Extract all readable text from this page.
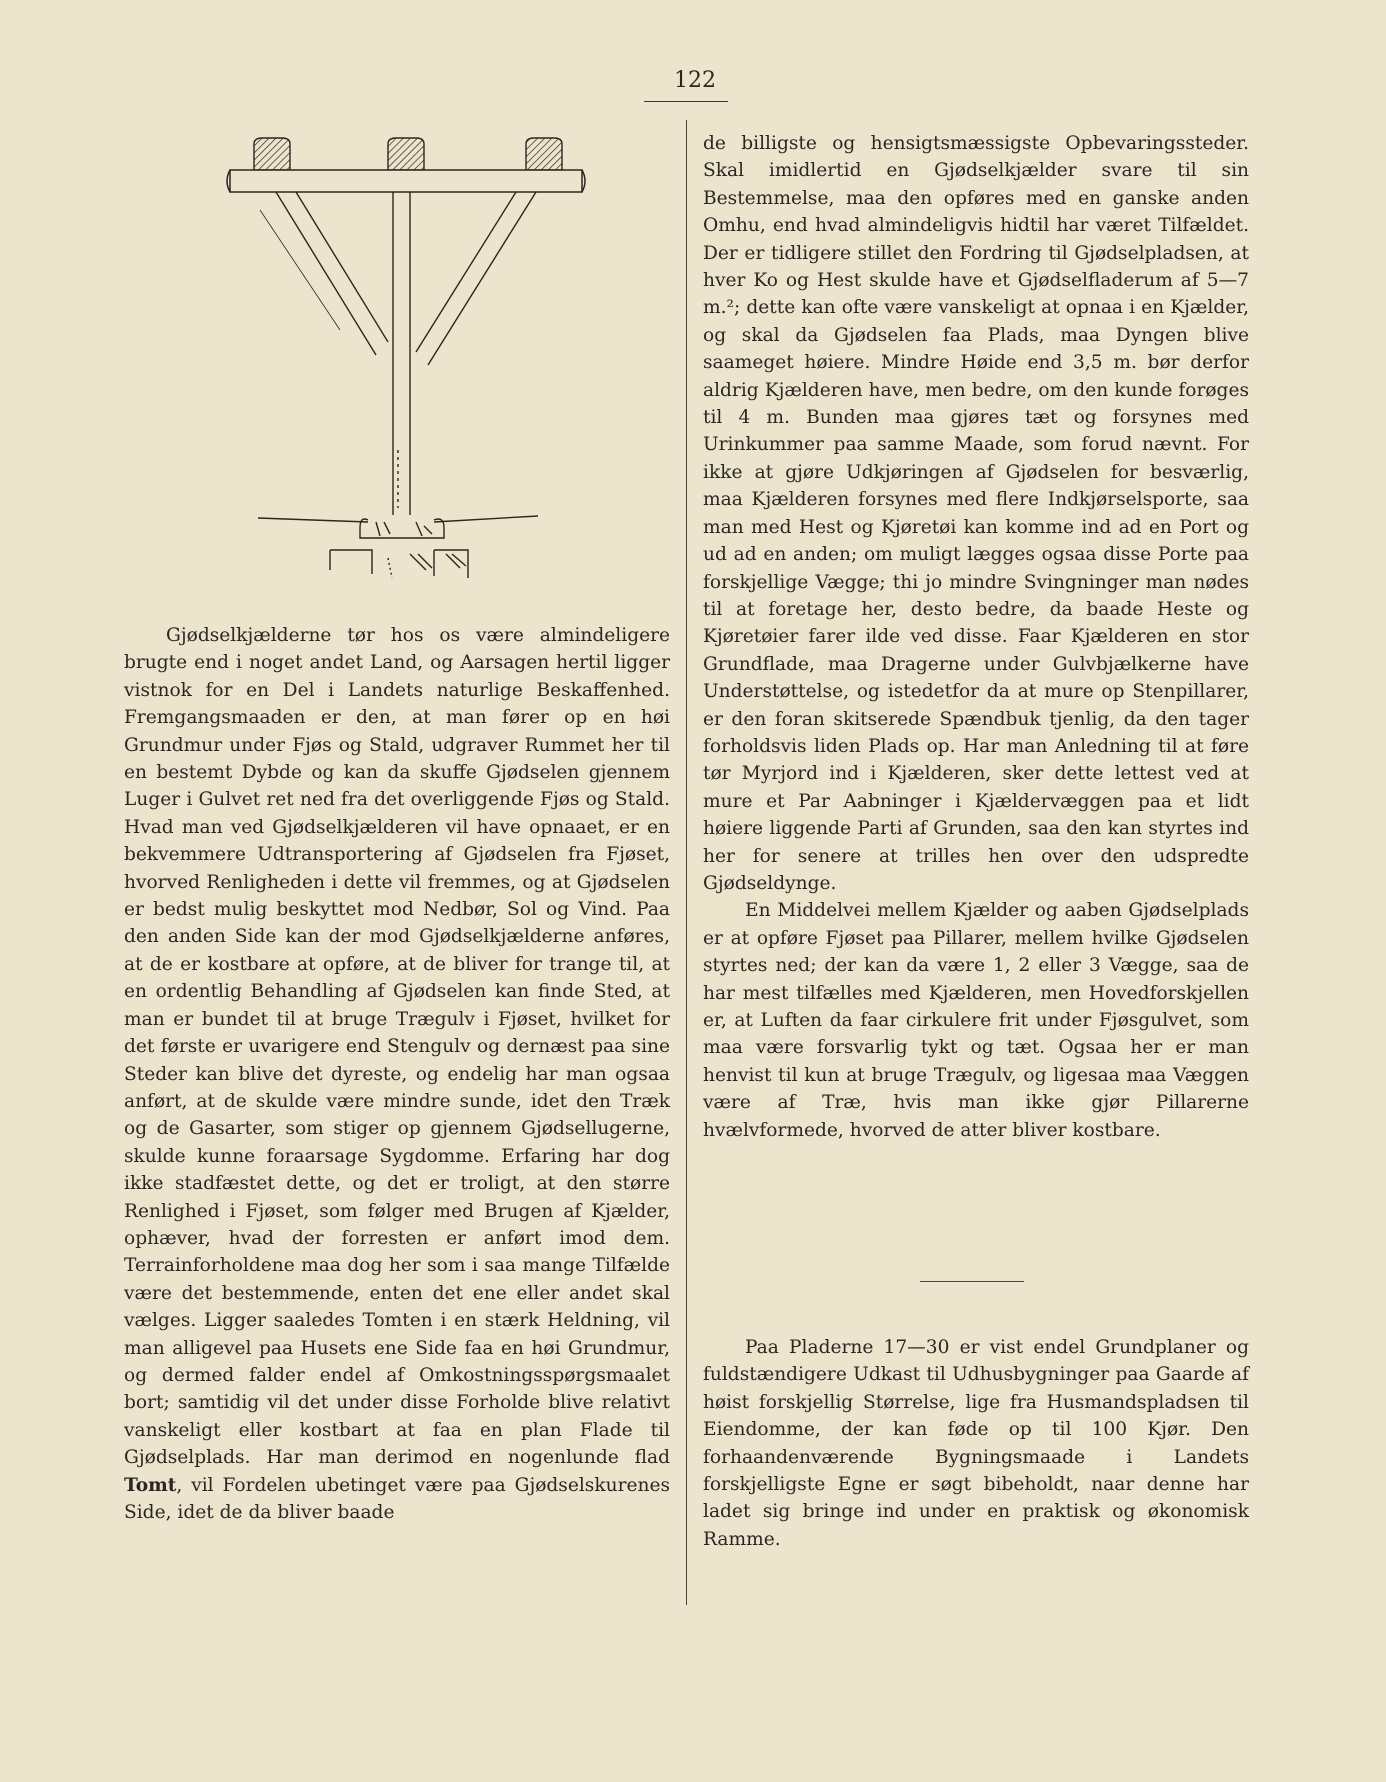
122

Gjødselkjælderne tør hos os være almindeligere brugte end i noget andet Land, og Aarsagen hertil ligger vistnok for en Del i Landets naturlige Beskaffenhed. Fremgangsmaaden er den, at man fører op en høi Grundmur under Fjøs og Stald, udgraver Rummet her til en bestemt Dybde og kan da skuffe Gjødselen gjennem Luger i Gulvet ret ned fra det overliggende Fjøs og Stald. Hvad man ved Gjødselkjælderen vil have opnaaet, er en bekvemmere Udtransportering af Gjødselen fra Fjøset, hvorved Renligheden i dette vil fremmes, og at Gjødselen er bedst mulig beskyttet mod Nedbør, Sol og Vind. Paa den anden Side kan der mod Gjødselkjælderne anføres, at de er kostbare at opføre, at de bliver for trange til, at en ordentlig Behandling af Gjødselen kan finde Sted, at man er bundet til at bruge Trægulv i Fjøset, hvilket for det første er uvarigere end Stengulv og dernæst paa sine Steder kan blive det dyreste, og endelig har man ogsaa anført, at de skulde være mindre sunde, idet den Træk og de Gasarter, som stiger op gjennem Gjødsellugerne, skulde kunne foraarsage Sygdomme. Erfaring har dog ikke stadfæstet dette, og det er troligt, at den større Renlighed i Fjøset, som følger med Brugen af Kjælder, ophæver, hvad der forresten er anført imod dem. Terrainforholdene maa dog her som i saa mange Tilfælde være det bestemmende, enten det ene eller andet skal vælges. Ligger saaledes Tomten i en stærk Heldning, vil man alligevel paa Husets ene Side faa en høi Grundmur, og dermed falder endel af Omkostningsspørgsmaalet bort; samtidig vil det under disse Forholde blive relativt vanskeligt eller kostbart at faa en plan Flade til Gjødselplads. Har man derimod en nogenlunde flad Tomt, vil Fordelen ubetinget være paa Gjødselskurenes Side, idet de da bliver baade

de billigste og hensigtsmæssigste Opbevaringssteder. Skal imidlertid en Gjødselkjælder svare til sin Bestemmelse, maa den opføres med en ganske anden Omhu, end hvad almindeligvis hidtil har været Tilfældet. Der er tidligere stillet den Fordring til Gjødselpladsen, at hver Ko og Hest skulde have et Gjødselfladerum af 5—7 m.²; dette kan ofte være vanskeligt at opnaa i en Kjælder, og skal da Gjødselen faa Plads, maa Dyngen blive saameget høiere. Mindre Høide end 3,5 m. bør derfor aldrig Kjælderen have, men bedre, om den kunde forøges til 4 m. Bunden maa gjøres tæt og forsynes med Urinkummer paa samme Maade, som forud nævnt. For ikke at gjøre Udkjøringen af Gjødselen for besværlig, maa Kjælderen forsynes med flere Indkjørselsporte, saa man med Hest og Kjøretøi kan komme ind ad en Port og ud ad en anden; om muligt lægges ogsaa disse Porte paa forskjellige Vægge; thi jo mindre Svingninger man nødes til at foretage her, desto bedre, da baade Heste og Kjøretøier farer ilde ved disse. Faar Kjælderen en stor Grundflade, maa Dragerne under Gulvbjælkerne have Understøttelse, og istedetfor da at mure op Stenpillarer, er den foran skitserede Spændbuk tjenlig, da den tager forholdsvis liden Plads op. Har man Anledning til at føre tør Myrjord ind i Kjælderen, sker dette lettest ved at mure et Par Aabninger i Kjældervæggen paa et lidt høiere liggende Parti af Grunden, saa den kan styrtes ind her for senere at trilles hen over den udspredte Gjødseldynge.

En Middelvei mellem Kjælder og aaben Gjødselplads er at opføre Fjøset paa Pillarer, mellem hvilke Gjødselen styrtes ned; der kan da være 1, 2 eller 3 Vægge, saa de har mest tilfælles med Kjælderen, men Hovedforskjellen er, at Luften da faar cirkulere frit under Fjøsgulvet, som maa være forsvarlig tykt og tæt. Ogsaa her er man henvist til kun at bruge Trægulv, og ligesaa maa Væggen være af Træ, hvis man ikke gjør Pillarerne hvælvformede, hvorved de atter bliver kostbare.

Paa Pladerne 17—30 er vist endel Grundplaner og fuldstændigere Udkast til Udhusbygninger paa Gaarde af høist forskjellig Størrelse, lige fra Husmandspladsen til Eiendomme, der kan føde op til 100 Kjør. Den forhaandenværende Bygningsmaade i Landets forskjelligste Egne er søgt bibeholdt, naar denne har ladet sig bringe ind under en praktisk og økonomisk Ramme.
